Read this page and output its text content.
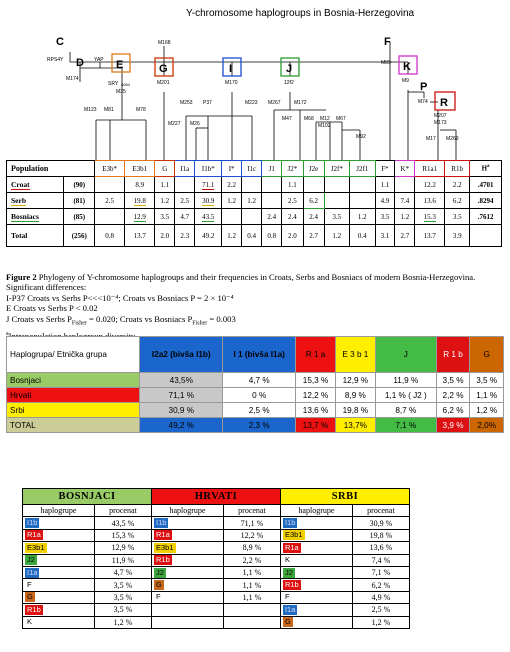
Y-chromosome haplogroups in Bosnia-Herzegovina
C
D	E	G	I	J
F
K
P
R
RPS4Y	YAP
M174
SRY 4064
M35
M123 M81	M78
M168
M201	M170
M253 P37
M227 M26
M223
M89
12f2
M267	M172
M47 M68 M12
M102
M67
M92
M9
M74
M207
M173
M17 M269
Population		E3b*	E3b1	G	I1a	I1b*	I*	I1c	J1	J2*	J2e	J2f*	J2f1	F*	K*	R1a1	R1b	$H^a$
Croat	(90)		8.9	1.1		71.1	2.2			1.1				1.1		12.2	2.2	.4701
Serb	(81)	2.5	19.8	1.2	2.5	30.9	1.2	1.2		2.5	6.2			4.9	7.4	13.6	6.2	.8294
Bosniacs	(85)		12.9	3.5	4.7	43.5			2.4	2.4	2.4	3.5	1.2	3.5	1.2	15.3	3.5	.7612
Total	(256)	0.8	13.7	2.0	2.3	49.2	1.2	0.4	0.8	2.0	2.7	1.2	0.4	3.1	2.7	13.7	3.9	
Figure 2 Phylogeny of Y-chromosome haplogroups and their frequencies in Croats, Serbs and Bosniacs of modern Bosnia-Herzegovina. Significant differences:
I-P37 Croats vs Serbs P<<<10⁻⁴; Croats vs Bosniacs P = 2 × 10⁻⁴
E Croats vs Serbs P < 0.02
J Croats vs Serbs $P_{Fisher} = 0.020$; Croats vs Bosniacs $P_{Fisher} = 0.003$
$^a$
Haplogrupa/ Etnička grupa	I2a2 (bivša I1b)	I 1 (bivša I1a)	R 1 a	E 3 b 1	J	R 1 b	G
Bosnjaci	43,5%	4,7 %	15,3 %	12,9 %	11,9 %	3,5 %	3,5 %
Hrvati	71,1 %	0 %	12,2 %	8,9 %	1,1 % ( J2 )	2,2 %	1,1 %
Srbi	30,9 %	2,5 %	13,6 %	19,8 %	8,7 %	6,2 %	1,2 %
TOTAL	49,2 %	2,3 %	13,7 %	13,7%	7,1 %	3,9 %	2,0%
BOSNJACI		HRVATI		SRBI	
haplogrupe	procenat	haplogrupe	procenat	haplogrupe	procenat
I1b	43,5 %	I1b	71,1 %	I1b	30,9 %
R1a	15,3 %	R1a	12,2 %	E3b1	19,8 %
E3b1	12,9 %	E3b1	8,9 %	R1a	13,6 %
J2	11,9 %	R1b	2,2 %	K	7,4 %
I1a	4,7 %	J2	1,1 %	J2	7,1 %
F	3,5 %	G	1,1 %	R1b	6,2 %
G	3,5 %	F	1,1 %	F	4,9 %
R1b	3,5 %			I1a	2,5 %
K	1,2 %			G	1,2 %
